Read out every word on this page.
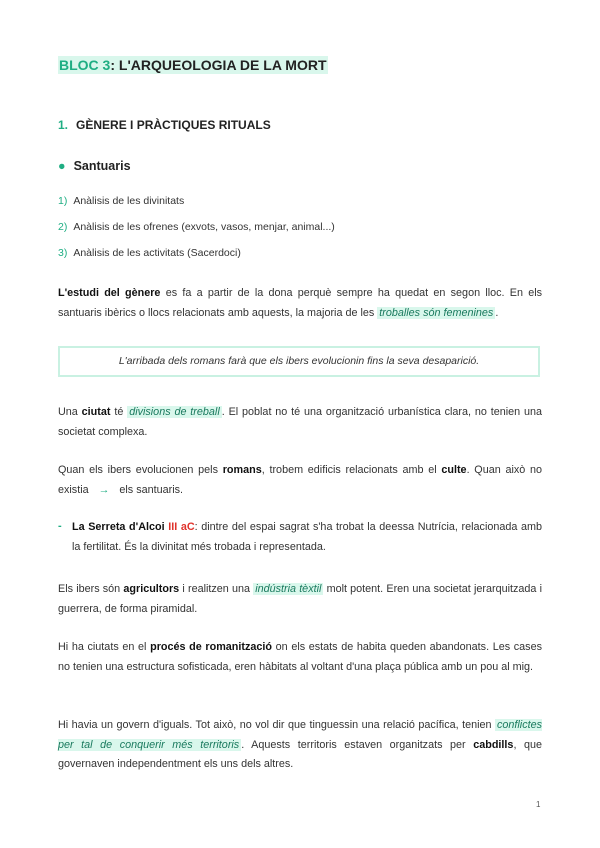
BLOC 3: L'ARQUEOLOGIA DE LA MORT
1. GÈNERE I PRÀCTIQUES RITUALS
● Santuaris
1) Anàlisis de les divinitats
2) Anàlisis de les ofrenes (exvots, vasos, menjar, animal...)
3) Anàlisis de les activitats (Sacerdoci)
L'estudi del gènere es fa a partir de la dona perquè sempre ha quedat en segon lloc. En els santuaris ibèrics o llocs relacionats amb aquests, la majoria de les troballes són femenines .
L'arribada dels romans farà que els ibers evolucionin fins la seva desaparició.
Una ciutat té divisions de treball . El poblat no té una organització urbanística clara, no tenien una societat complexa.
Quan els ibers evolucionen pels romans, trobem edificis relacionats amb el culte. Quan això no existia → els santuaris.
- La Serreta d'Alcoi III aC: dintre del espai sagrat s'ha trobat la deessa Nutrícia, relacionada amb la fertilitat. És la divinitat més trobada i representada.
Els ibers són agricultors i realitzen una indústria tèxtil molt potent. Eren una societat jerarquitzada i guerrera, de forma piramidal.
Hi ha ciutats en el procés de romanització on els estats de habita queden abandonats. Les cases no tenien una estructura sofisticada, eren hàbitats al voltant d'una plaça pública amb un pou al mig.
Hi havia un govern d'iguals. Tot això, no vol dir que tinguessin una relació pacífica, tenien conflictes per tal de conquerir més territoris . Aquests territoris estaven organitzats per cabdills, que governaven independentment els uns dels altres.
1
